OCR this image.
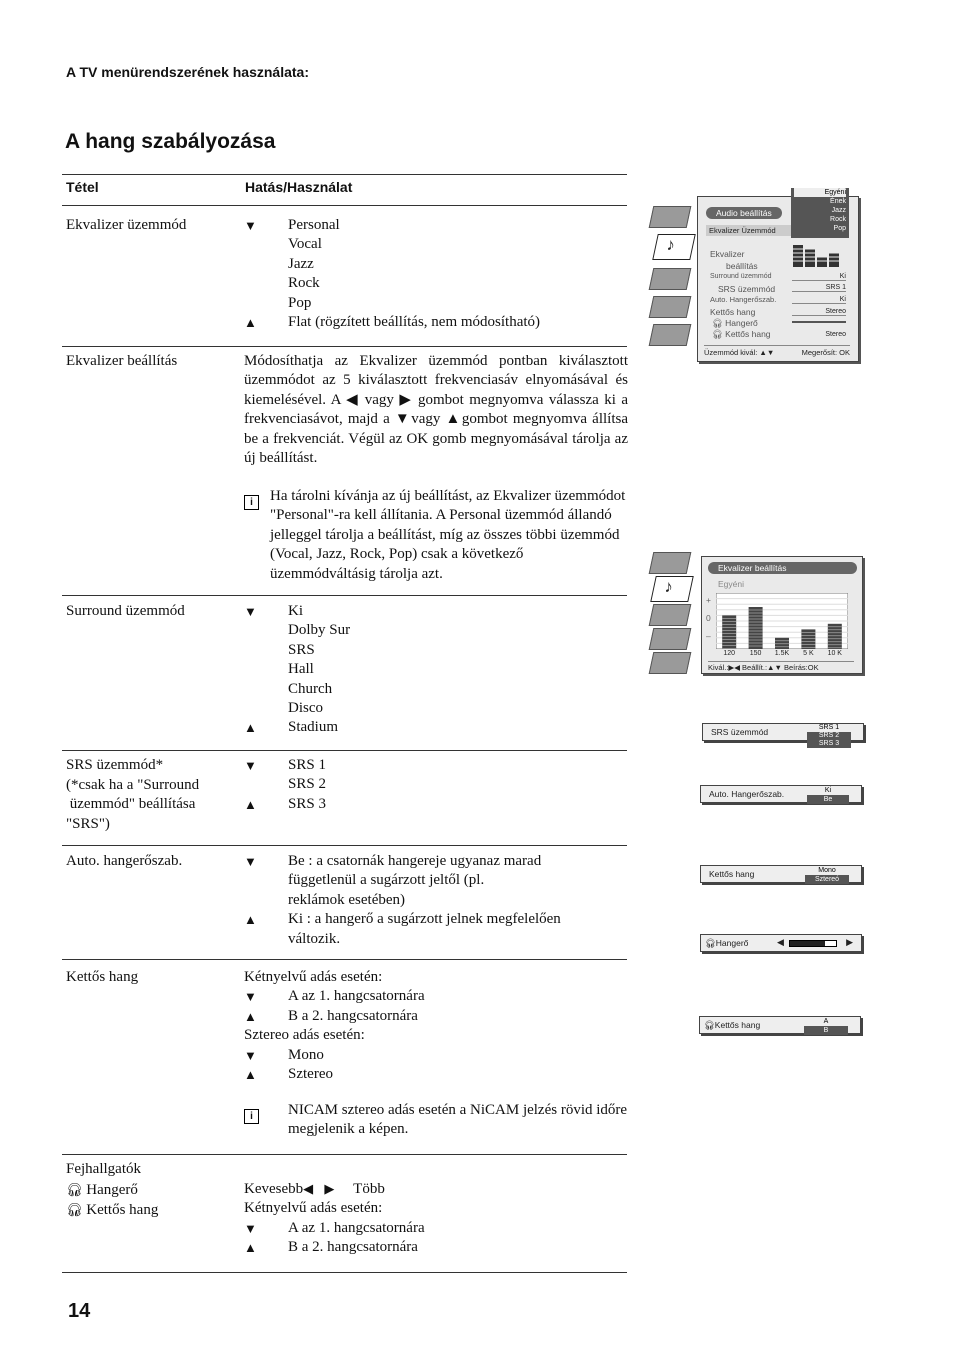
A TV menürendszerének használata:
A hang szabályozása
Tétel	Hatás/Használat
Ekvalizer üzemmód	▼	Personal
Vocal
Jazz
Rock
Pop
▲	Flat (rögzített beállítás, nem módosítható)
Ekvalizer beállítás	Módosíthatja az Ekvalizer üzemmód pontban kiválasztott üzemmódot az 5 kiválasztott frekvenciasáv elnyomásával és kiemelésével. A ◀ vagy ▶ gombot megnyomva válassza ki a frekvenciasávot, majd a ▼vagy ▲gombot megnyomva állítsa be a frekvenciát. Végül az OK gomb megnyomásával tárolja az új beállítást.
i	Ha tárolni kívánja az új beállítást, az Ekvalizer üzemmódot "Personal"-ra kell állítania. A Personal üzemmód állandó jelleggel tárolja a beállítást, míg az összes többi üzemmód (Vocal, Jazz, Rock, Pop) csak a következő üzemmódváltásig tárolja azt.
Surround üzemmód	▼	Ki
Dolby Sur
SRS
Hall
Church
Disco
▲	Stadium
SRS üzemmód*
(*csak ha a "Surround
üzemmód" beállítása
"SRS")
▼	SRS 1
SRS 2
▲	SRS 3
Auto. hangerőszab.	▼	Be : a csatornák hangereje ugyanaz marad
függetlenül a sugárzott jeltől (pl.
reklámok esetében)
▲	Ki : a hangerő a sugárzott jelnek megfelelően
változik.
Kettős hang	Kétnyelvű adás esetén:
▼	A az 1. hangcsatornára
▲	B a 2. hangcsatornára
Sztereo adás esetén:
▼	Mono
▲	Sztereo
i	NICAM sztereo adás esetén a NiCAM jelzés rövid időre megjelenik a képen.
Fejhallgatók
🎧︎ Hangerő
🎧︎ Kettős hang
Kevesebb◀ ▶ Több
Kétnyelvű adás esetén:
▼	A az 1. hangcsatornára
▲	B a 2. hangcsatornára
14
♪
Audio beállítás
Ekvalizer Üzemmód
Ekvalizer
beállítás
Surround üzemmód	Ki
SRS üzemmód	SRS 1
Auto. Hangerőszab.	Ki
Kettős hang	Stereo
🎧︎ Hangerő
🎧︎ Kettős hang	Stereo
Üzemmód kivál: ▲▼	Megerősít: OK
Egyéni
Ének
Jazz
Rock
Pop
♪
Ekvalizer beállítás
Egyéni
+
0
–
120	150	1.5K	5 K	10 K
Kivál.:▶◀ Beállít.:▲▼ Beírás:OK
SRS üzemmód	SRS 1
SRS 2
SRS 3
Auto. Hangerőszab.	Ki
Be
Kettős hang	Mono
Sztereó
🎧︎Hangerő	◀	▶
🎧︎Kettős hang	A
B
